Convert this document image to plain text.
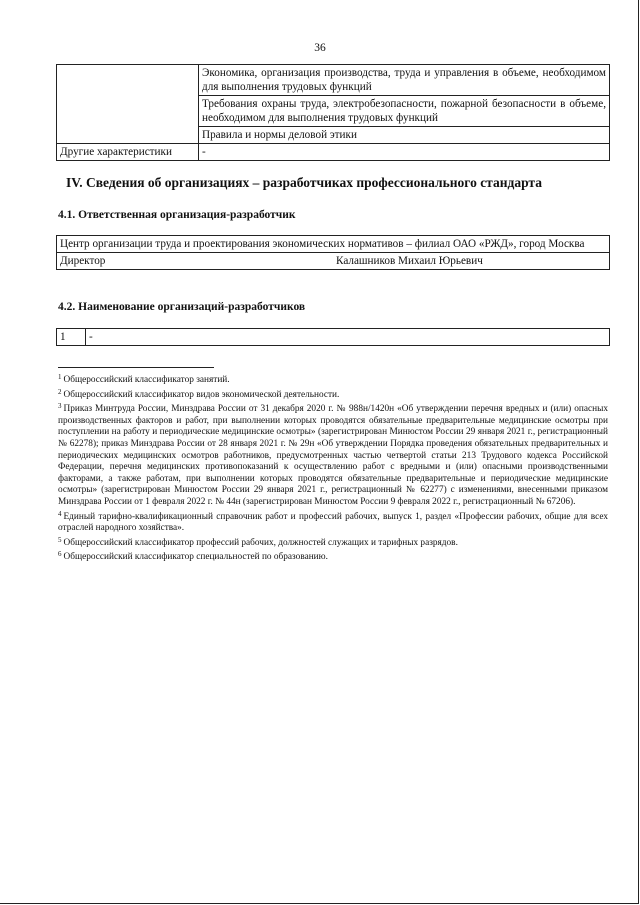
36
	Экономика, организация производства, труда и управления в объеме, необходимом для выполнения трудовых функций
	Требования охраны труда, электробезопасности, пожарной безопасности в объеме, необходимом для выполнения трудовых функций
	Правила и нормы деловой этики
Другие характеристики	-
IV. Сведения об организациях – разработчиках профессионального стандарта
4.1. Ответственная организация-разработчик
Центр организации труда и проектирования экономических нормативов – филиал ОАО «РЖД», город Москва
Директор	Калашников Михаил Юрьевич
4.2. Наименование организаций-разработчиков
1	-

$^1$ Общероссийский классификатор занятий.

$^2$ Общероссийский классификатор видов экономической деятельности.

$^3$ Приказ Минтруда России, Минздрава России от 31 декабря 2020 г. № 988н/1420н «Об утверждении перечня вредных и (или) опасных производственных факторов и работ, при выполнении которых проводятся обязательные предварительные медицинские осмотры при поступлении на работу и периодические медицинские осмотры» (зарегистрирован Минюстом России 29 января 2021 г., регистрационный № 62278); приказ Минздрава России от 28 января 2021 г. № 29н «Об утверждении Порядка проведения обязательных предварительных и периодических медицинских осмотров работников, предусмотренных частью четвертой статьи 213 Трудового кодекса Российской Федерации, перечня медицинских противопоказаний к осуществлению работ с вредными и (или) опасными производственными факторами, а также работам, при выполнении которых проводятся обязательные предварительные и периодические медицинские осмотры» (зарегистрирован Минюстом России 29 января 2021 г., регистрационный № 62277) с изменениями, внесенными приказом Минздрава России от 1 февраля 2022 г. № 44н (зарегистрирован Минюстом России 9 февраля 2022 г., регистрационный № 67206).

$^4$ Единый тарифно-квалификационный справочник работ и профессий рабочих, выпуск 1, раздел «Профессии рабочих, общие для всех отраслей народного хозяйства».

$^5$ Общероссийский классификатор профессий рабочих, должностей служащих и тарифных разрядов.

$^6$ Общероссийский классификатор специальностей по образованию.
